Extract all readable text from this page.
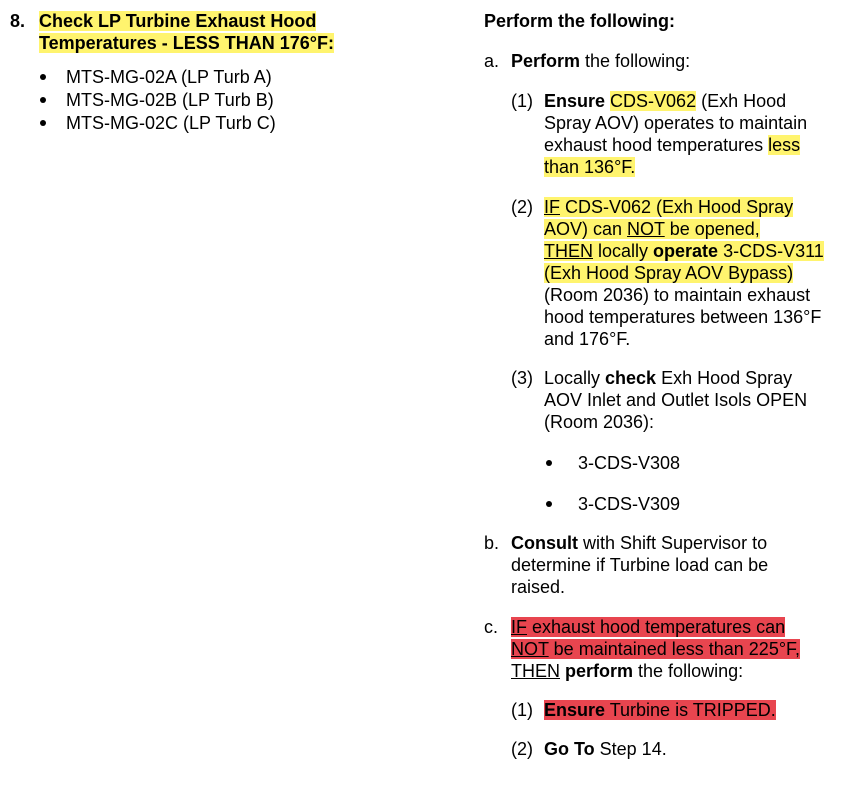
8. Check LP Turbine Exhaust Hood
Temperatures - LESS THAN 176°F:
MTS-MG-02A (LP Turb A)
MTS-MG-02B (LP Turb B)
MTS-MG-02C (LP Turb C)
Perform the following:
a. Perform the following:
(1) Ensure CDS-V062 (Exh Hood
Spray AOV) operates to maintain
exhaust hood temperatures less
than 136°F.
(2) IF CDS-V062 (Exh Hood Spray
AOV) can NOT be opened,
THEN locally operate 3-CDS-V311
(Exh Hood Spray AOV Bypass)
(Room 2036) to maintain exhaust
hood temperatures between 136°F
and 176°F.
(3) Locally check Exh Hood Spray
AOV Inlet and Outlet Isols OPEN
(Room 2036):
3-CDS-V308
3-CDS-V309
b. Consult with Shift Supervisor to
determine if Turbine load can be
raised.
c. IF exhaust hood temperatures can
NOT be maintained less than 225°F,
THEN perform the following:
(1) Ensure Turbine is TRIPPED.
(2) Go To Step 14.
